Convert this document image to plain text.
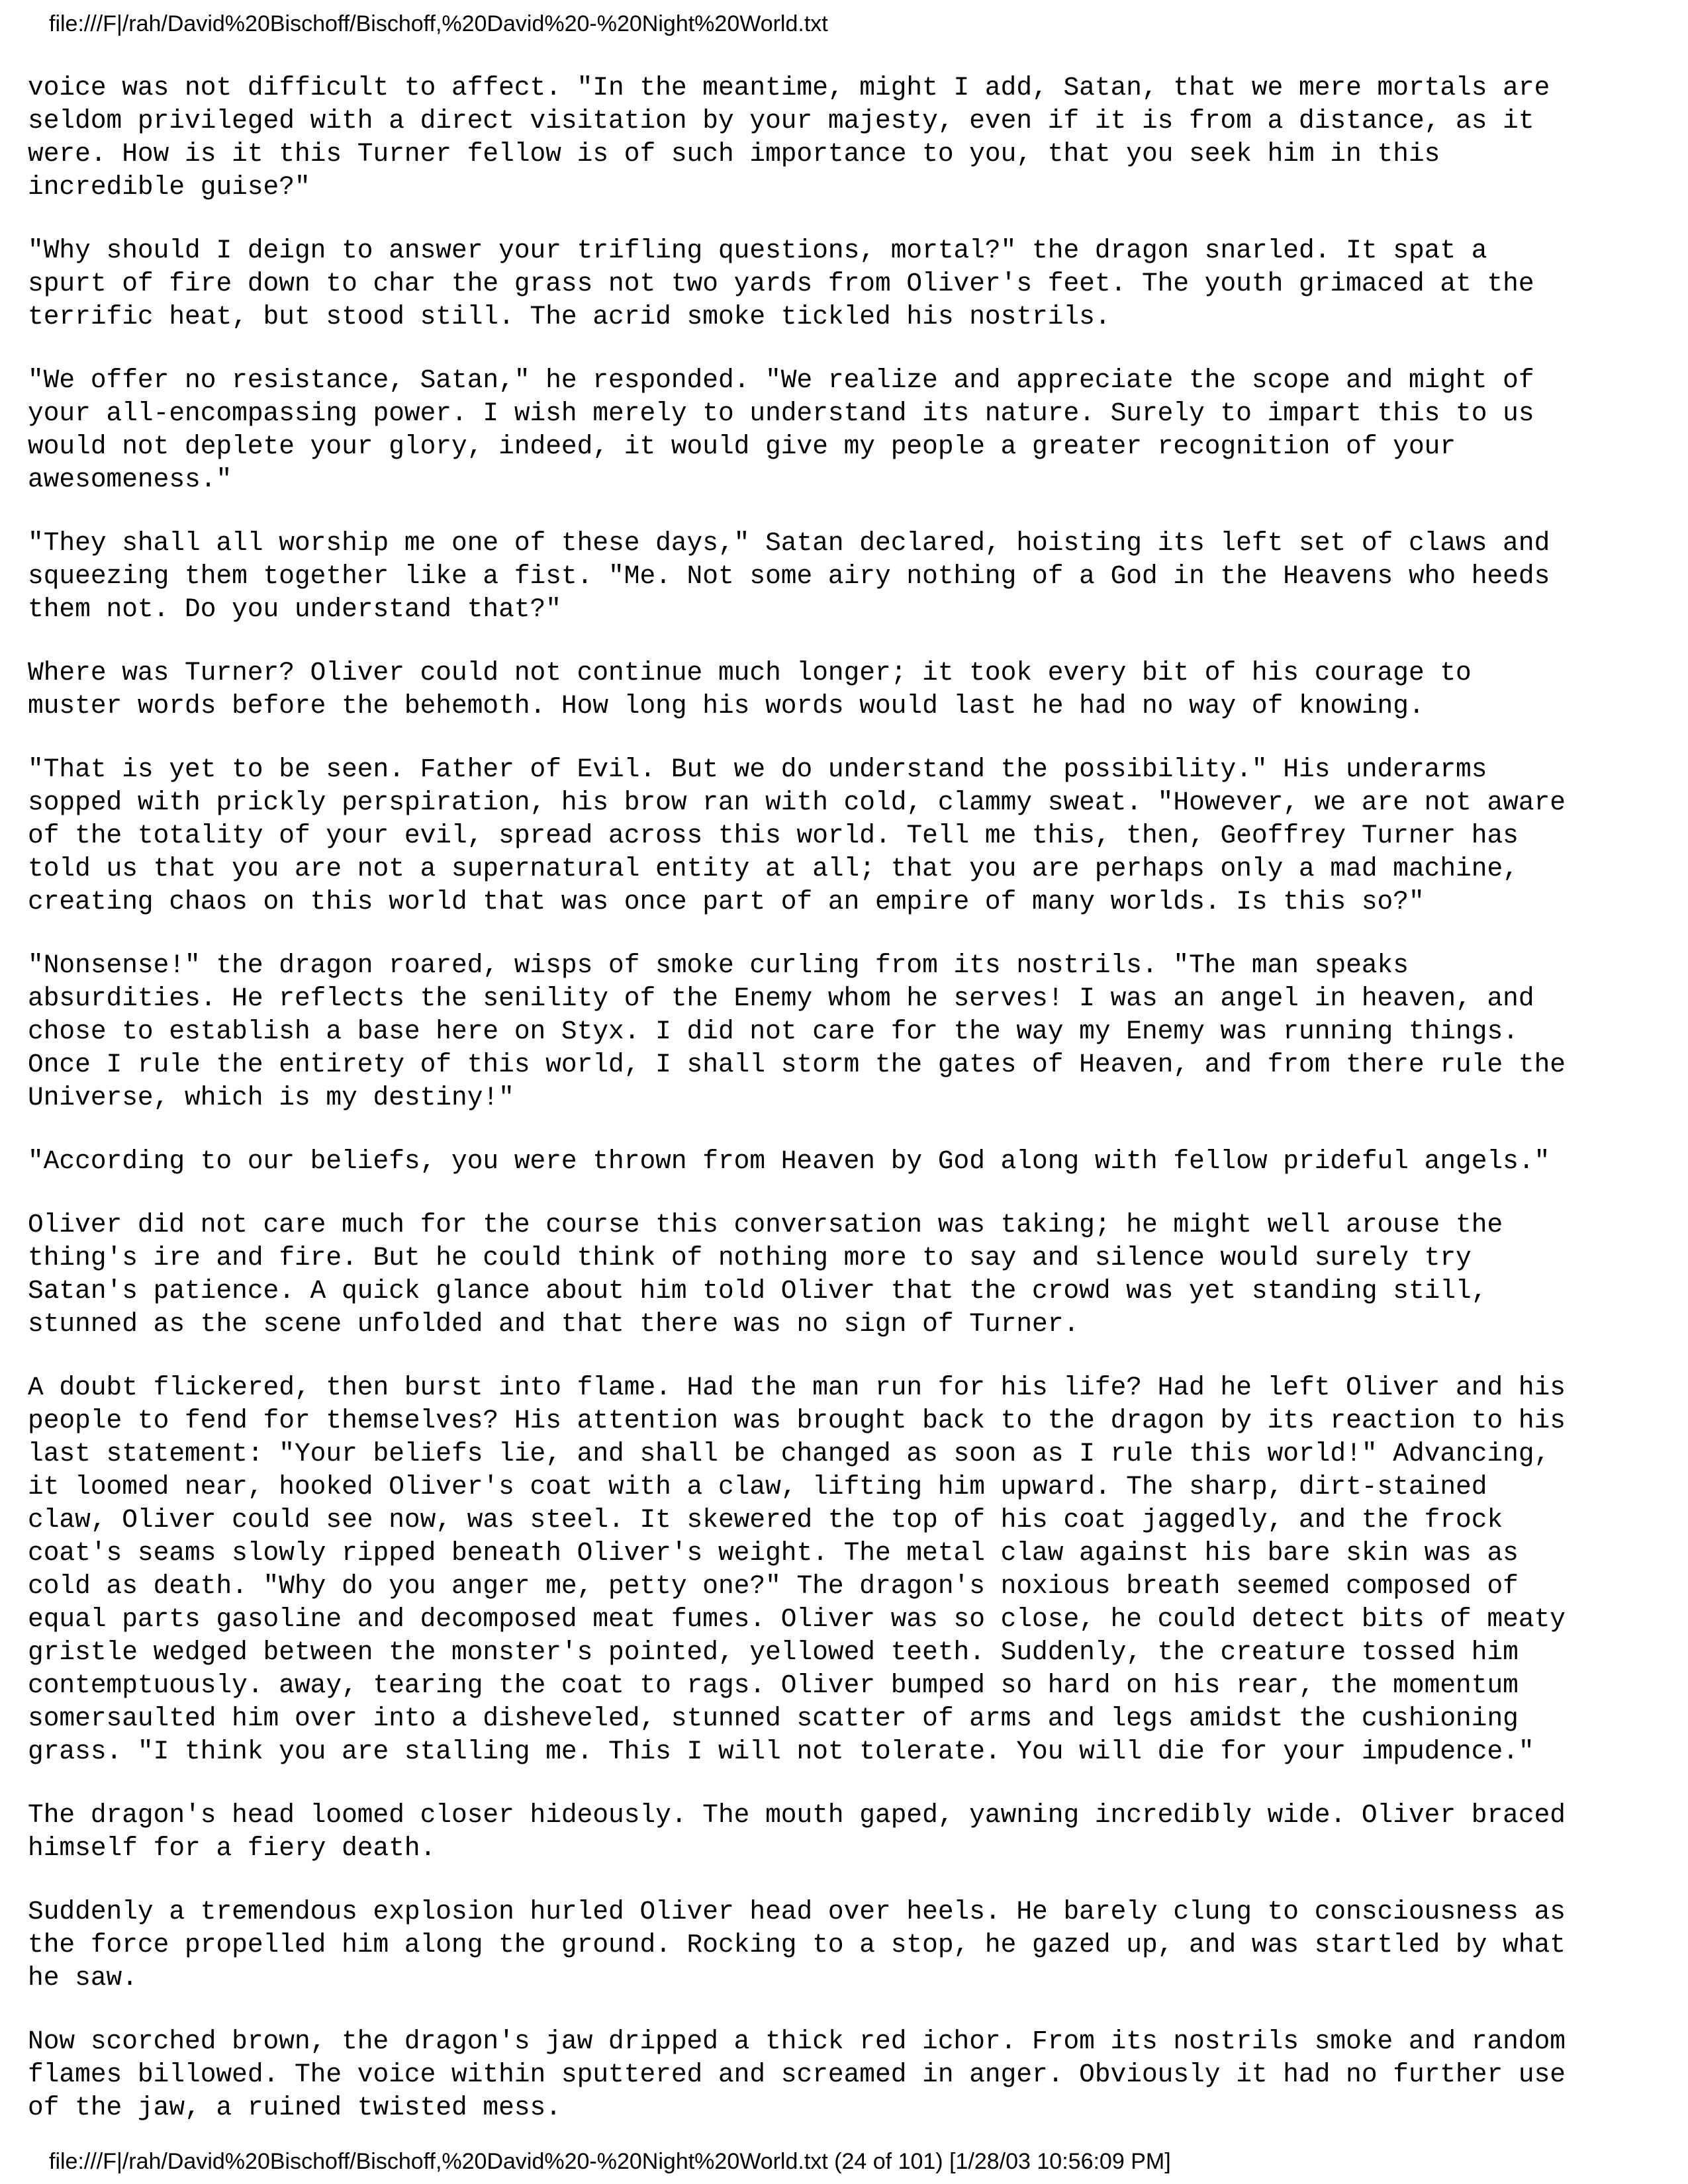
file:///F|/rah/David%20Bischoff/Bischoff,%20David%20-%20Night%20World.txt

voice was not difficult to affect. "In the meantime, might I add, Satan, that we mere mortals are
seldom privileged with a direct visitation by your majesty, even if it is from a distance, as it
were. How is it this Turner fellow is of such importance to you, that you seek him in this
incredible guise?"

"Why should I deign to answer your trifling questions, mortal?" the dragon snarled. It spat a
spurt of fire down to char the grass not two yards from Oliver's feet. The youth grimaced at the
terrific heat, but stood still. The acrid smoke tickled his nostrils.

"We offer no resistance, Satan," he responded. "We realize and appreciate the scope and might of
your all-encompassing power. I wish merely to understand its nature. Surely to impart this to us
would not deplete your glory, indeed, it would give my people a greater recognition of your
awesomeness."

"They shall all worship me one of these days," Satan declared, hoisting its left set of claws and
squeezing them together like a fist. "Me. Not some airy nothing of a God in the Heavens who heeds
them not. Do you understand that?"

Where was Turner? Oliver could not continue much longer; it took every bit of his courage to
muster words before the behemoth. How long his words would last he had no way of knowing.

"That is yet to be seen. Father of Evil. But we do understand the possibility." His underarms
sopped with prickly perspiration, his brow ran with cold, clammy sweat. "However, we are not aware
of the totality of your evil, spread across this world. Tell me this, then, Geoffrey Turner has
told us that you are not a supernatural entity at all; that you are perhaps only a mad machine,
creating chaos on this world that was once part of an empire of many worlds. Is this so?"

"Nonsense!" the dragon roared, wisps of smoke curling from its nostrils. "The man speaks
absurdities. He reflects the senility of the Enemy whom he serves! I was an angel in heaven, and
chose to establish a base here on Styx. I did not care for the way my Enemy was running things.
Once I rule the entirety of this world, I shall storm the gates of Heaven, and from there rule the
Universe, which is my destiny!"

"According to our beliefs, you were thrown from Heaven by God along with fellow prideful angels."

Oliver did not care much for the course this conversation was taking; he might well arouse the
thing's ire and fire. But he could think of nothing more to say and silence would surely try
Satan's patience. A quick glance about him told Oliver that the crowd was yet standing still,
stunned as the scene unfolded and that there was no sign of Turner.

A doubt flickered, then burst into flame. Had the man run for his life? Had he left Oliver and his
people to fend for themselves? His attention was brought back to the dragon by its reaction to his
last statement: "Your beliefs lie, and shall be changed as soon as I rule this world!" Advancing,
it loomed near, hooked Oliver's coat with a claw, lifting him upward. The sharp, dirt-stained
claw, Oliver could see now, was steel. It skewered the top of his coat jaggedly, and the frock
coat's seams slowly ripped beneath Oliver's weight. The metal claw against his bare skin was as
cold as death. "Why do you anger me, petty one?" The dragon's noxious breath seemed composed of
equal parts gasoline and decomposed meat fumes. Oliver was so close, he could detect bits of meaty
gristle wedged between the monster's pointed, yellowed teeth. Suddenly, the creature tossed him
contemptuously. away, tearing the coat to rags. Oliver bumped so hard on his rear, the momentum
somersaulted him over into a disheveled, stunned scatter of arms and legs amidst the cushioning
grass. "I think you are stalling me. This I will not tolerate. You will die for your impudence."

The dragon's head loomed closer hideously. The mouth gaped, yawning incredibly wide. Oliver braced
himself for a fiery death.

Suddenly a tremendous explosion hurled Oliver head over heels. He barely clung to consciousness as
the force propelled him along the ground. Rocking to a stop, he gazed up, and was startled by what
he saw.

Now scorched brown, the dragon's jaw dripped a thick red ichor. From its nostrils smoke and random
flames billowed. The voice within sputtered and screamed in anger. Obviously it had no further use
of the jaw, a ruined twisted mess.

file:///F|/rah/David%20Bischoff/Bischoff,%20David%20-%20Night%20World.txt (24 of 101) [1/28/03 10:56:09 PM]
